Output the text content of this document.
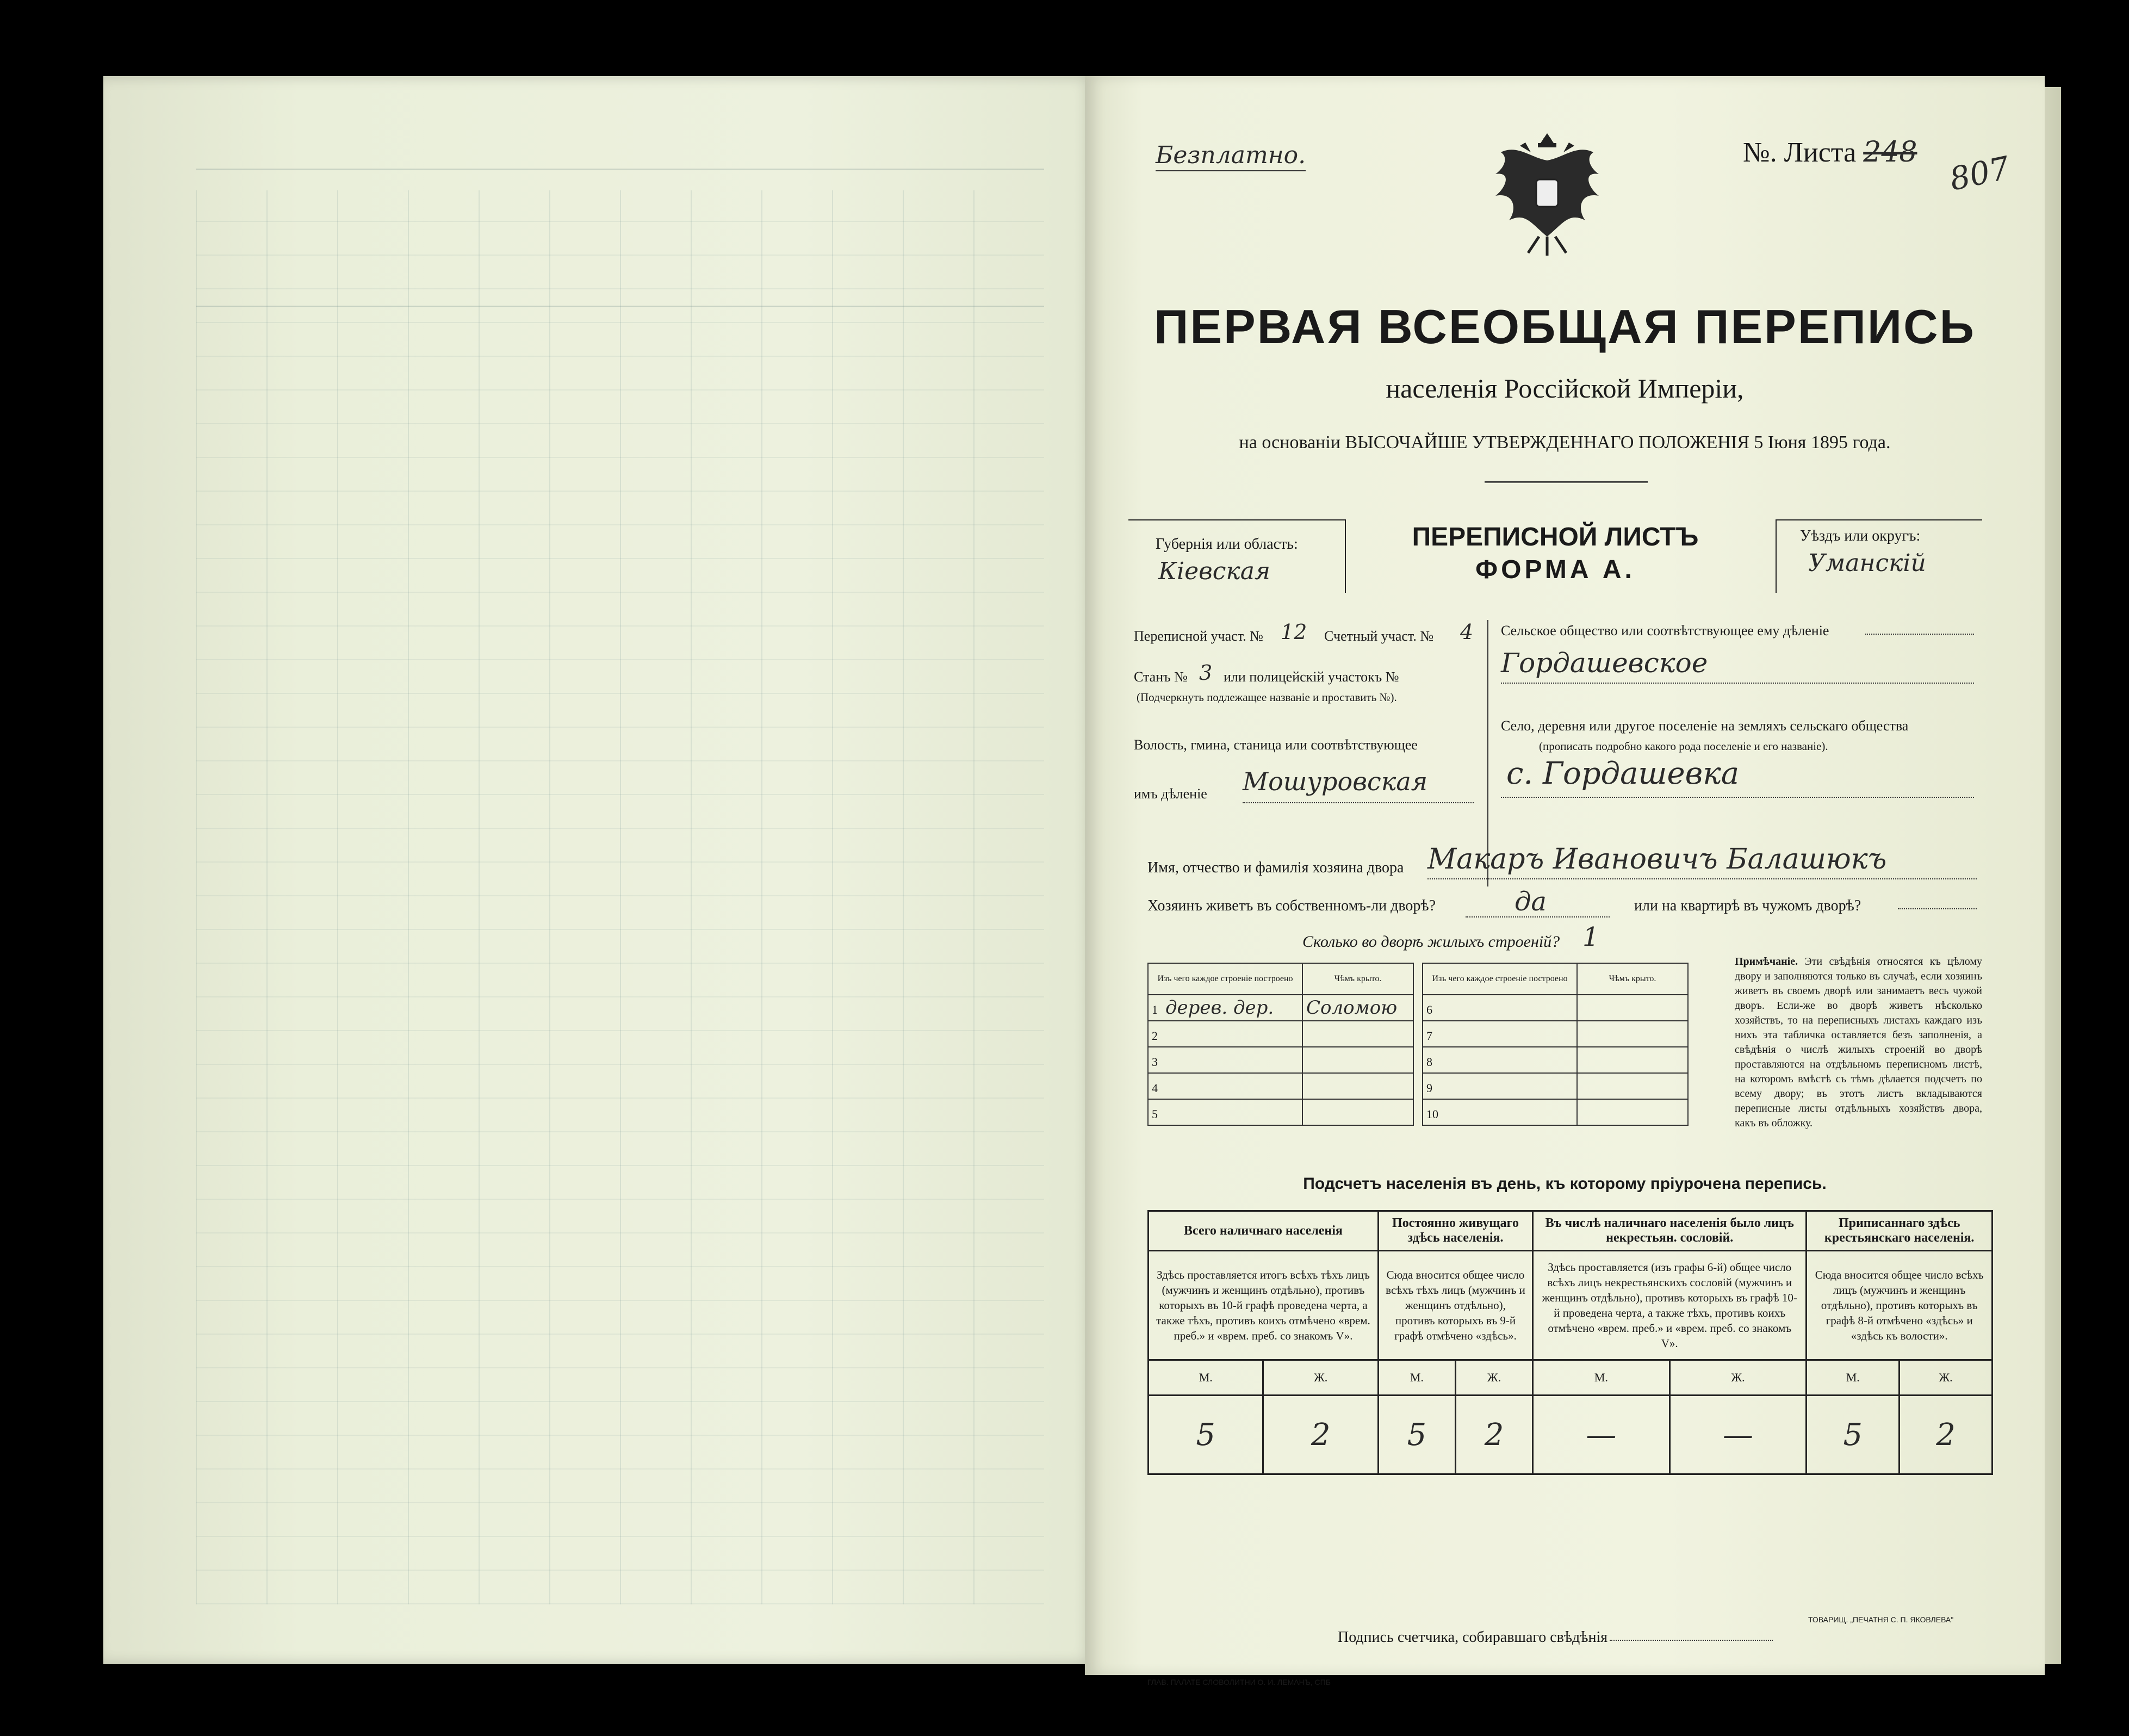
Безплатно.	№. Листа 248 807
ПЕРВАЯ ВСЕОБЩАЯ ПЕРЕПИСЬ
населенія Россійской Имперіи,
на основаніи ВЫСОЧАЙШЕ УТВЕРЖДЕННАГО ПОЛОЖЕНІЯ 5 Іюня 1895 года.
Губернія или область:
Кіевская
ПЕРЕПИСНОЙ ЛИСТЪ
ФОРМА А.
Уѣздъ или округъ:
Уманскій
Переписной участ. № 12 Счетный участ. № 4
Станъ № 3 или полицейскій участокъ №
(Подчеркнуть подлежащее названіе и проставить №).
Волость, гмина, станица или соотвѣтствующее
имъ дѣленіе Мошуровская
Сельское общество или соотвѣтствующее ему дѣленіе
Гордашевское
Село, деревня или другое поселеніе на земляхъ сельскаго общества
(прописать подробно какого рода поселеніе и его названіе).
с. Гордашевка
Имя, отчество и фамилія хозяина двора Макаръ Ивановичъ Балашюкъ
Хозяинъ живетъ въ собственномъ-ли дворѣ?	да	или на квартирѣ въ чужомъ дворѣ?
Сколько во дворѣ жилыхъ строеній? 1
Изъ чего каждое строеніе построено	Чѣмъ крыто.
1 дерев. дер.	Соломою
2	
3	
4	
5	
Изъ чего каждое строеніе построено	Чѣмъ крыто.
6	
7	
8	
9	
10	
Примѣчаніе. Эти свѣдѣнія относятся къ цѣлому двору и заполняются только въ случаѣ, если хозяинъ живетъ въ своемъ дворѣ или занимаетъ весь чужой дворъ. Если-же во дворѣ живетъ нѣсколько хозяйствъ, то на переписныхъ листахъ каждаго изъ нихъ эта табличка оставляется безъ заполненія, а свѣдѣнія о числѣ жилыхъ строеній во дворѣ проставляются на отдѣльномъ переписномъ листѣ, на которомъ вмѣстѣ съ тѣмъ дѣлается подсчетъ по всему двору; въ этотъ листъ вкладываются переписные листы отдѣльныхъ хозяйствъ двора, какъ въ обложку.
Подсчетъ населенія въ день, къ которому пріурочена перепись.
Всего наличнаго населенія		Постоянно живущаго здѣсь населенія.		Въ числѣ наличнаго населенія было лицъ некрестьян. сословій.		Приписаннаго здѣсь крестьянскаго населенія.	
Здѣсь проставляется итогъ всѣхъ тѣхъ лицъ (мужчинъ и женщинъ отдѣльно), противъ которыхъ въ 10-й графѣ проведена черта, а также тѣхъ, противъ коихъ отмѣчено «врем. преб.» и «врем. преб. со знакомъ V».		Сюда вносится общее число всѣхъ тѣхъ лицъ (мужчинъ и женщинъ отдѣльно), противъ которыхъ въ 9-й графѣ отмѣчено «здѣсь».		Здѣсь проставляется (изъ графы 6-й) общее число всѣхъ лицъ некрестьянскихъ сословій (мужчинъ и женщинъ отдѣльно), противъ которыхъ въ графѣ 10-й проведена черта, а также тѣхъ, противъ коихъ отмѣчено «врем. преб.» и «врем. преб. со знакомъ V».		Сюда вносится общее число всѣхъ лицъ (мужчинъ и женщинъ отдѣльно), противъ которыхъ въ графѣ 8-й отмѣчено «здѣсь» и «здѣсь къ волости».	
М.	Ж.	М.	Ж.	М.	Ж.	М.	Ж.
5	2	5	2	—	—	5	2
Подпись счетчика, собиравшаго свѣдѣнія
ГЛАВ. ПАЛАТЕ СЛОВОЛИТНИ О. И. ЛЕМАНЪ, СПБ
ТОВАРИЩ. „ПЕЧАТНЯ С. П. ЯКОВЛЕВА"
